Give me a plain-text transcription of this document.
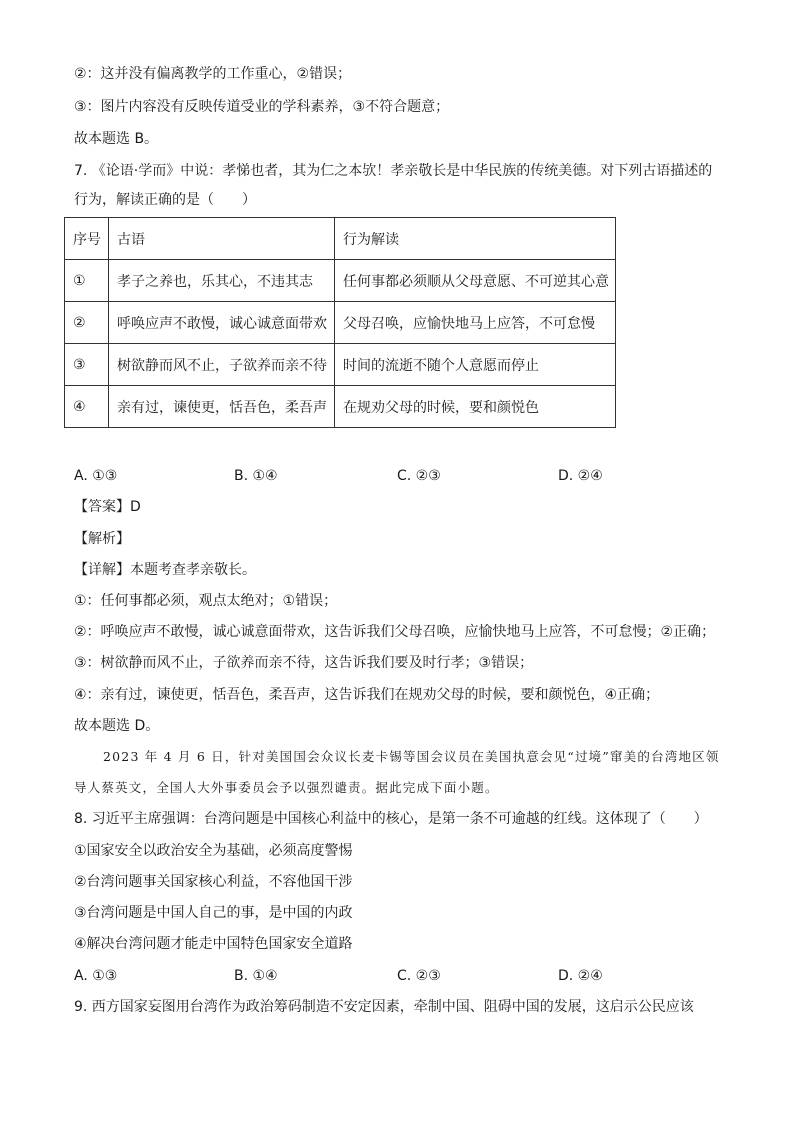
②：这并没有偏离教学的工作重心，②错误；
③：图片内容没有反映传道受业的学科素养，③不符合题意；
故本题选 B。
7. 《论语·学而》中说：孝悌也者，其为仁之本欤！孝亲敬长是中华民族的传统美德。对下列古语描述的
行为，解读正确的是（　　）
序号	古语	行为解读
①	孝子之养也，乐其心，不违其志	任何事都必须顺从父母意愿、不可逆其心意
②	呼唤应声不敢慢，诚心诚意面带欢	父母召唤，应愉快地马上应答，不可怠慢
③	树欲静而风不止，子欲养而亲不待	时间的流逝不随个人意愿而停止
④	亲有过，谏使更，恬吾色，柔吾声	在规劝父母的时候，要和颜悦色
A. ①③	B. ①④	C. ②③	D. ②④
【答案】D
【解析】
【详解】本题考查孝亲敬长。
①：任何事都必须，观点太绝对；①错误；
②：呼唤应声不敢慢，诚心诚意面带欢，这告诉我们父母召唤，应愉快地马上应答，不可怠慢；②正确；
③：树欲静而风不止，子欲养而亲不待，这告诉我们要及时行孝；③错误；
④：亲有过，谏使更，恬吾色，柔吾声，这告诉我们在规劝父母的时候，要和颜悦色，④正确；
故本题选 D。
2023 年 4 月 6 日，针对美国国会众议长麦卡锡等国会议员在美国执意会见“过境”窜美的台湾地区领
导人蔡英文，全国人大外事委员会予以强烈谴责。据此完成下面小题。
8. 习近平主席强调：台湾问题是中国核心利益中的核心，是第一条不可逾越的红线。这体现了（　　）
①国家安全以政治安全为基础，必须高度警惕
②台湾问题事关国家核心利益，不容他国干涉
③台湾问题是中国人自己的事，是中国的内政
④解决台湾问题才能走中国特色国家安全道路
A. ①③	B. ①④	C. ②③	D. ②④
9. 西方国家妄图用台湾作为政治筹码制造不安定因素，牵制中国、阻碍中国的发展，这启示公民应该
